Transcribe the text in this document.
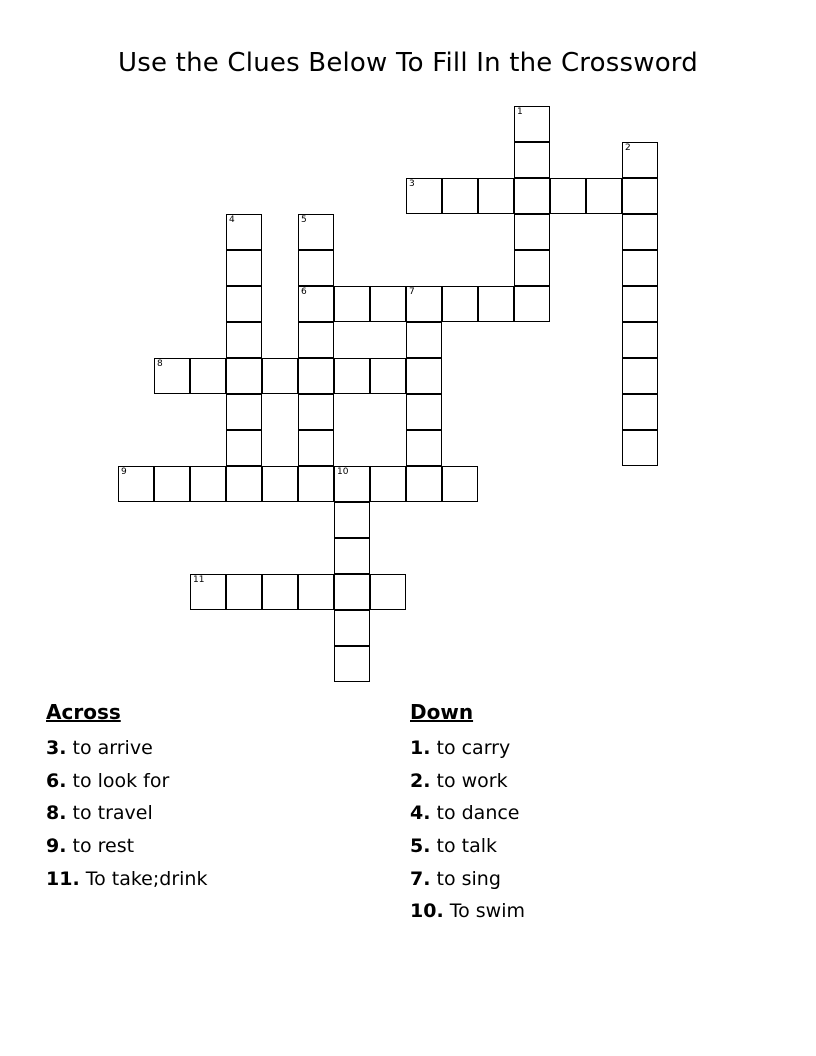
Use the Clues Below To Fill In the Crossword
1
2
3
4	5
6	7
8
9	10
11
Across
3. to arrive
6. to look for
8. to travel
9. to rest
11. To take;drink
Down
1. to carry
2. to work
4. to dance
5. to talk
7. to sing
10. To swim
